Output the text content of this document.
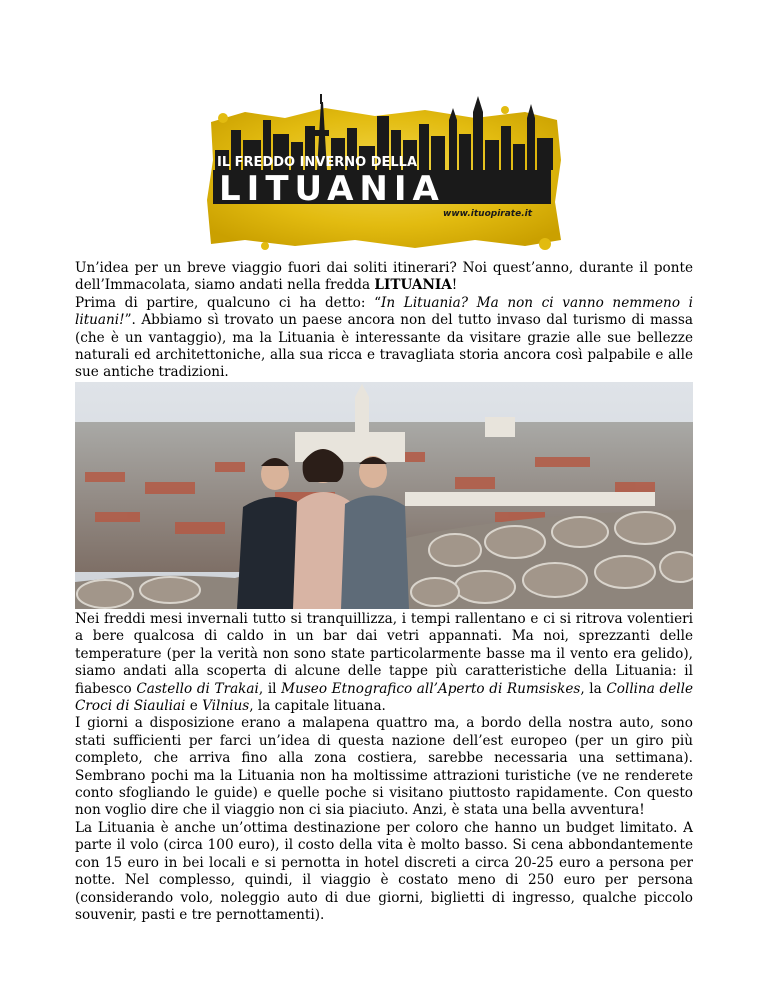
IL FREDDO INVERNO DELLA
LITUANIA
www.ituopirate.it

Un’idea per un breve viaggio fuori dai soliti itinerari? Noi quest’anno, durante il ponte dell’Immacolata, siamo andati nella fredda LITUANIA!

Prima di partire, qualcuno ci ha detto: “In Lituania? Ma non ci vanno nemmeno i lituani!”. Abbiamo sì trovato un paese ancora non del tutto invaso dal turismo di massa (che è un vantaggio), ma la Lituania è interessante da visitare grazie alle sue bellezze naturali ed architettoniche, alla sua ricca e travagliata storia ancora così palpabile e alle sue antiche tradizioni.

Nei freddi mesi invernali tutto si tranquillizza, i tempi rallentano e ci si ritrova volentieri a bere qualcosa di caldo in un bar dai vetri appannati. Ma noi, sprezzanti delle temperature (per la verità non sono state particolarmente basse ma il vento era gelido), siamo andati alla scoperta di alcune delle tappe più caratteristiche della Lituania: il fiabesco Castello di Trakai, il Museo Etnografico all’Aperto di Rumsiskes, la Collina delle Croci di Siauliai e Vilnius, la capitale lituana.

I giorni a disposizione erano a malapena quattro ma, a bordo della nostra auto, sono stati sufficienti per farci un’idea di questa nazione dell’est europeo (per un giro più completo, che arriva fino alla zona costiera, sarebbe necessaria una settimana). Sembrano pochi ma la Lituania non ha moltissime attrazioni turistiche (ve ne renderete conto sfogliando le guide) e quelle poche si visitano piuttosto rapidamente. Con questo non voglio dire che il viaggio non ci sia piaciuto. Anzi, è stata una bella avventura!

La Lituania è anche un’ottima destinazione per coloro che hanno un budget limitato. A parte il volo (circa 100 euro), il costo della vita è molto basso. Si cena abbondantemente con 15 euro in bei locali e si pernotta in hotel discreti a circa 20-25 euro a persona per notte. Nel complesso, quindi, il viaggio è costato meno di 250 euro per persona (considerando volo, noleggio auto di due giorni, biglietti di ingresso, qualche piccolo souvenir, pasti e tre pernottamenti).
